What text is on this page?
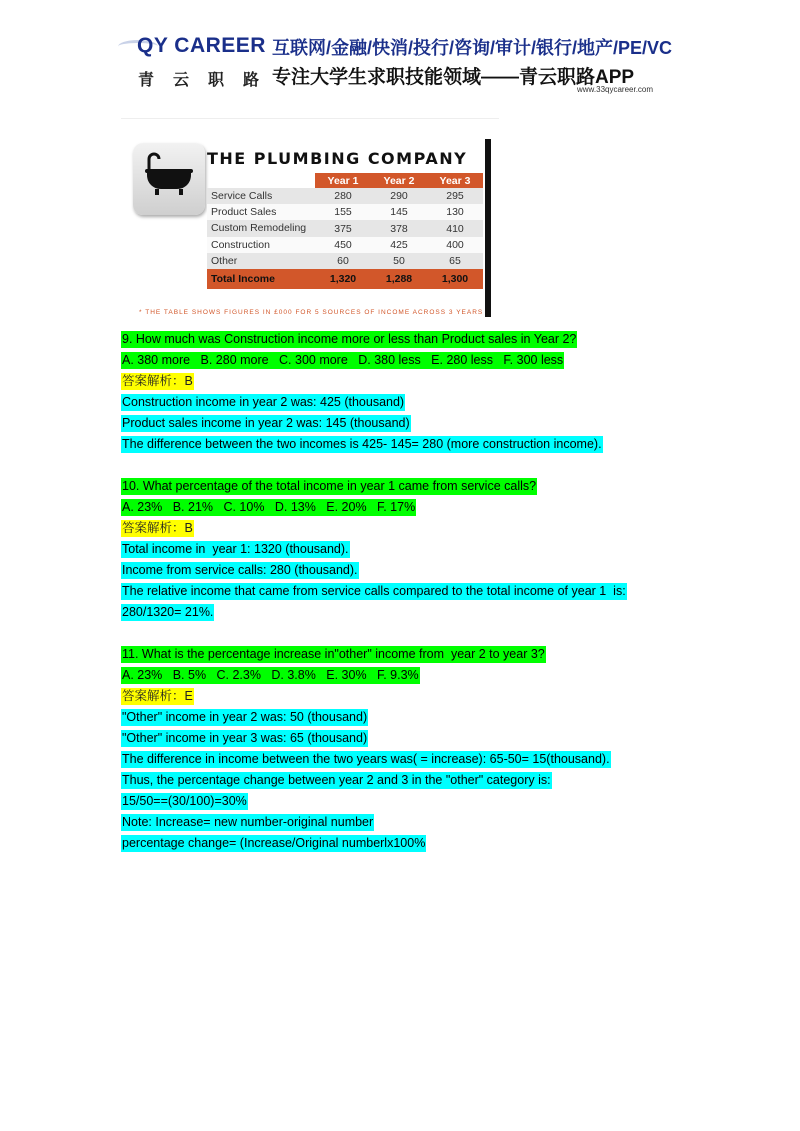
QY CAREER
青云职路
互联网/金融/快消/投行/咨询/审计/银行/地产/PE/VC
专注大学生求职技能领域——青云职路APP
www.33qycareer.com
THE PLUMBING COMPANY
	Year 1	Year 2	Year 3
Service Calls	280	290	295
Product Sales	155	145	130
Custom Remodeling	375	378	410
Construction	450	425	400
Other	60	50	65
Total Income	1,320	1,288	1,300
* THE TABLE SHOWS FIGURES IN £000 FOR 5 SOURCES OF INCOME ACROSS 3 YEARS
9. How much was Construction income more or less than Product sales in Year 2?
A. 380 more   B. 280 more   C. 300 more   D. 380 less   E. 280 less   F. 300 less
答案解析：B
Construction income in year 2 was: 425 (thousand)
Product sales income in year 2 was: 145 (thousand)
The difference between the two incomes is 425- 145= 280 (more construction income).
10. What percentage of the total income in year 1 came from service calls?
A. 23%   B. 21%   C. 10%   D. 13%   E. 20%   F. 17%
答案解析：B
Total income in  year 1: 1320 (thousand).
Income from service calls: 280 (thousand).
The relative income that came from service calls compared to the total income of year 1  is:
280/1320= 21%.
11. What is the percentage increase in"other" income from  year 2 to year 3?
A. 23%   B. 5%   C. 2.3%   D. 3.8%   E. 30%   F. 9.3%
答案解析：E
"Other" income in year 2 was: 50 (thousand)
"Other" income in year 3 was: 65 (thousand)
The difference in income between the two years was( = increase): 65-50= 15(thousand).
Thus, the percentage change between year 2 and 3 in the "other" category is:
15/50==(30/100)=30%
Note: Increase= new number-original number
percentage change= (Increase/Original numberlx100%
